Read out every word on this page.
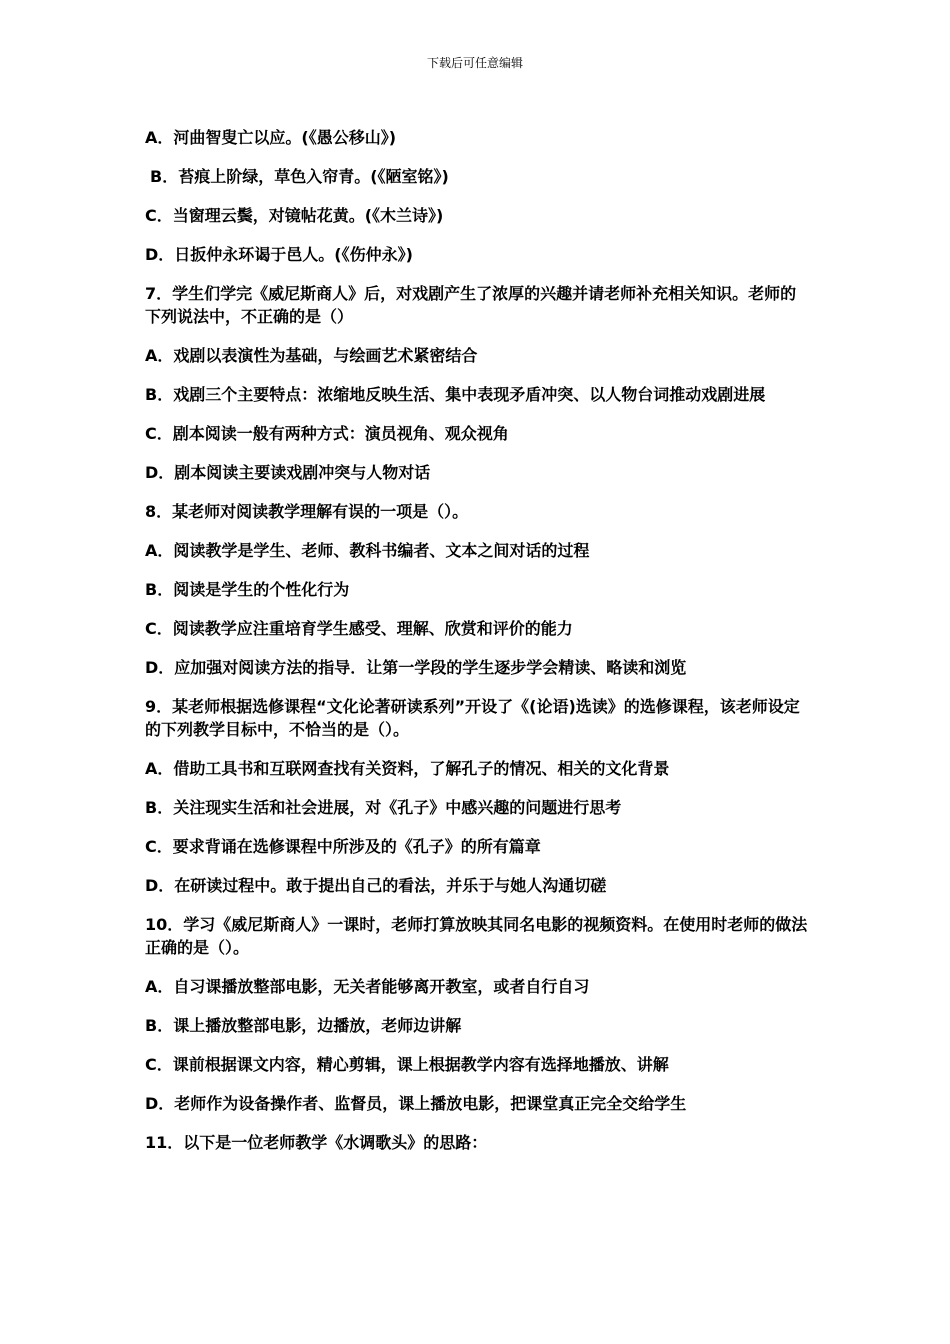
下载后可任意编辑

A．河曲智叟亡以应。(《愚公移山》)

B．苔痕上阶绿，草色入帘青。(《陋室铭》)

C．当窗理云鬓，对镜帖花黄。(《木兰诗》)

D．日扳仲永环谒于邑人。(《伤仲永》)

7．学生们学完《威尼斯商人》后，对戏剧产生了浓厚的兴趣并请老师补充相关知识。老师的下列说法中，不正确的是（）

A．戏剧以表演性为基础，与绘画艺术紧密结合

B．戏剧三个主要特点：浓缩地反映生活、集中表现矛盾冲突、以人物台词推动戏剧进展

C．剧本阅读一般有两种方式：演员视角、观众视角

D．剧本阅读主要读戏剧冲突与人物对话

8．某老师对阅读教学理解有误的一项是（）。

A．阅读教学是学生、老师、教科书编者、文本之间对话的过程

B．阅读是学生的个性化行为

C．阅读教学应注重培育学生感受、理解、欣赏和评价的能力

D．应加强对阅读方法的指导．让第一学段的学生逐步学会精读、略读和浏览

9．某老师根据选修课程“文化论著研读系列”开设了《(论语)选读》的选修课程，该老师设定的下列教学目标中，不恰当的是（）。

A．借助工具书和互联网查找有关资料，了解孔子的情况、相关的文化背景

B．关注现实生活和社会进展，对《孔子》中感兴趣的问题进行思考

C．要求背诵在选修课程中所涉及的《孔子》的所有篇章

D．在研读过程中。敢于提出自己的看法，并乐于与她人沟通切磋

10．学习《威尼斯商人》一课时，老师打算放映其同名电影的视频资料。在使用时老师的做法正确的是（）。

A．自习课播放整部电影，无关者能够离开教室，或者自行自习

B．课上播放整部电影，边播放，老师边讲解

C．课前根据课文内容，精心剪辑，课上根据教学内容有选择地播放、讲解

D．老师作为设备操作者、监督员，课上播放电影，把课堂真正完全交给学生

11．以下是一位老师教学《水调歌头》的思路：
